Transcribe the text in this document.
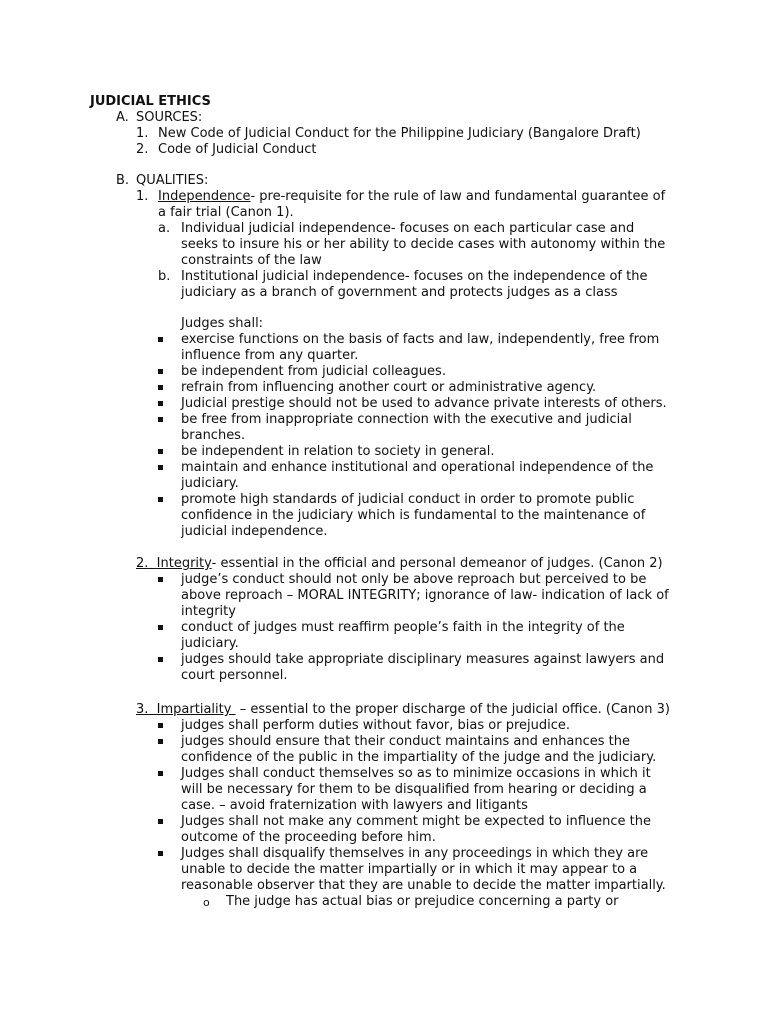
JUDICIAL ETHICS
A. SOURCES:
1. New Code of Judicial Conduct for the Philippine Judiciary (Bangalore Draft)
2. Code of Judicial Conduct
B. QUALITIES:
1. Independence- pre-requisite for the rule of law and fundamental guarantee of
a fair trial (Canon 1).
a. Individual judicial independence- focuses on each particular case and
seeks to insure his or her ability to decide cases with autonomy within the
constraints of the law
b. Institutional judicial independence- focuses on the independence of the
judiciary as a branch of government and protects judges as a class
Judges shall:
exercise functions on the basis of facts and law, independently, free from
influence from any quarter.
be independent from judicial colleagues.
refrain from influencing another court or administrative agency.
Judicial prestige should not be used to advance private interests of others.
be free from inappropriate connection with the executive and judicial
branches.
be independent in relation to society in general.
maintain and enhance institutional and operational independence of the
judiciary.
promote high standards of judicial conduct in order to promote public
confidence in the judiciary which is fundamental to the maintenance of
judicial independence.
2. Integrity- essential in the official and personal demeanor of judges. (Canon 2)
judge’s conduct should not only be above reproach but perceived to be
above reproach – MORAL INTEGRITY; ignorance of law- indication of lack of
integrity
conduct of judges must reaffirm people’s faith in the integrity of the
judiciary.
judges should take appropriate disciplinary measures against lawyers and
court personnel.
3. Impartiality  – essential to the proper discharge of the judicial office. (Canon 3)
judges shall perform duties without favor, bias or prejudice.
judges should ensure that their conduct maintains and enhances the
confidence of the public in the impartiality of the judge and the judiciary.
Judges shall conduct themselves so as to minimize occasions in which it
will be necessary for them to be disqualified from hearing or deciding a
case. – avoid fraternization with lawyers and litigants
Judges shall not make any comment might be expected to influence the
outcome of the proceeding before him.
Judges shall disqualify themselves in any proceedings in which they are
unable to decide the matter impartially or in which it may appear to a
reasonable observer that they are unable to decide the matter impartially.
o The judge has actual bias or prejudice concerning a party or
